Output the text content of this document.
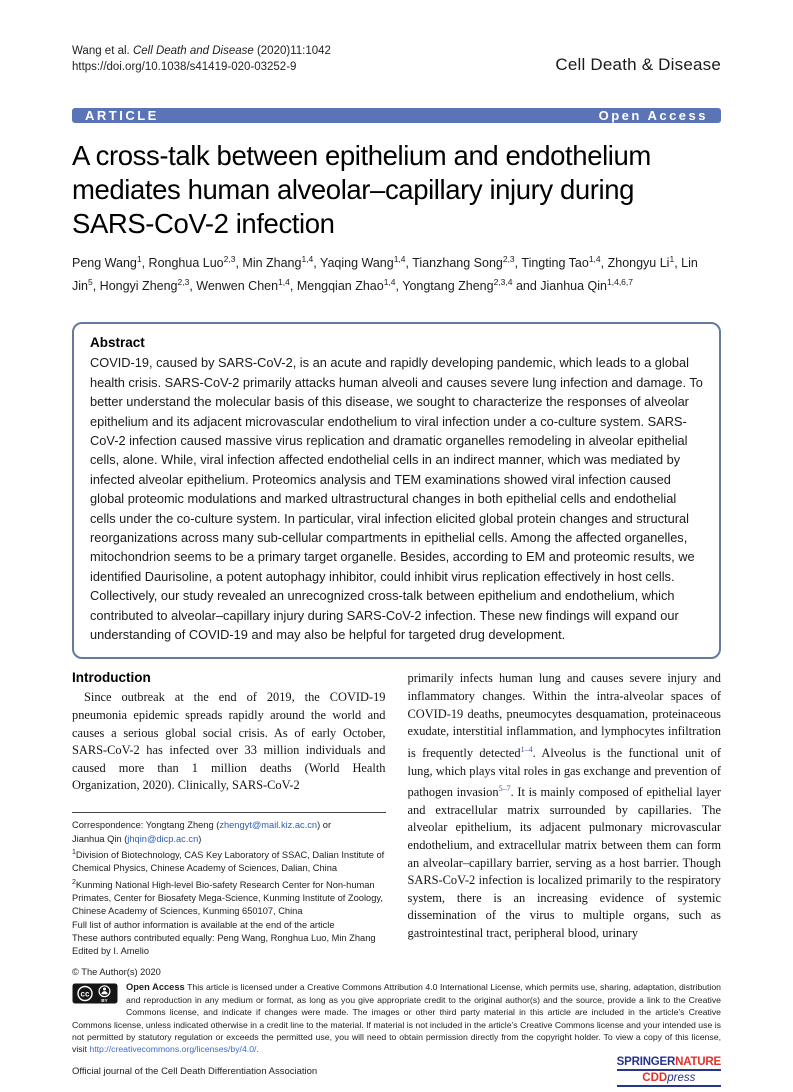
Wang et al. Cell Death and Disease (2020)11:1042
https://doi.org/10.1038/s41419-020-03252-9	Cell Death & Disease
ARTICLE	Open Access
A cross-talk between epithelium and endothelium mediates human alveolar–capillary injury during SARS-CoV-2 infection

Peng Wang$^1$, Ronghua Luo$^{2,3}$, Min Zhang$^{1,4}$, Yaqing Wang$^{1,4}$, Tianzhang Song$^{2,3}$, Tingting Tao$^{1,4}$, Zhongyu Li$^1$, Lin Jin$^5$, Hongyi Zheng$^{2,3}$, Wenwen Chen$^{1,4}$, Mengqian Zhao$^{1,4}$, Yongtang Zheng$^{2,3,4}$ and Jianhua Qin$^{1,4,6,7}$

Abstract

COVID-19, caused by SARS-CoV-2, is an acute and rapidly developing pandemic, which leads to a global health crisis. SARS-CoV-2 primarily attacks human alveoli and causes severe lung infection and damage. To better understand the molecular basis of this disease, we sought to characterize the responses of alveolar epithelium and its adjacent microvascular endothelium to viral infection under a co-culture system. SARS-CoV-2 infection caused massive virus replication and dramatic organelles remodeling in alveolar epithelial cells, alone. While, viral infection affected endothelial cells in an indirect manner, which was mediated by infected alveolar epithelium. Proteomics analysis and TEM examinations showed viral infection caused global proteomic modulations and marked ultrastructural changes in both epithelial cells and endothelial cells under the co-culture system. In particular, viral infection elicited global protein changes and structural reorganizations across many sub-cellular compartments in epithelial cells. Among the affected organelles, mitochondrion seems to be a primary target organelle. Besides, according to EM and proteomic results, we identified Daurisoline, a potent autophagy inhibitor, could inhibit virus replication effectively in host cells. Collectively, our study revealed an unrecognized cross-talk between epithelium and endothelium, which contributed to alveolar–capillary injury during SARS-CoV-2 infection. These new findings will expand our understanding of COVID-19 and may also be helpful for targeted drug development.

Introduction

Since outbreak at the end of 2019, the COVID-19 pneumonia epidemic spreads rapidly around the world and causes a serious global social crisis. As of early October, SARS-CoV-2 has infected over 33 million individuals and caused more than 1 million deaths (World Health Organization, 2020). Clinically, SARS-CoV-2

Correspondence: Yongtang Zheng (zhengyt@mail.kiz.ac.cn) or
Jianhua Qin (jhqin@dicp.ac.cn)
$^1$Division of Biotechnology, CAS Key Laboratory of SSAC, Dalian Institute of Chemical Physics, Chinese Academy of Sciences, Dalian, China
$^2$Kunming National High-level Bio-safety Research Center for Non-human Primates, Center for Biosafety Mega-Science, Kunming Institute of Zoology, Chinese Academy of Sciences, Kunming 650107, China
Full list of author information is available at the end of the article
These authors contributed equally: Peng Wang, Ronghua Luo, Min Zhang
Edited by I. Amelio

primarily infects human lung and causes severe injury and inflammatory changes. Within the intra-alveolar spaces of COVID-19 deaths, pneumocytes desquamation, proteinaceous exudate, interstitial inflammation, and lymphocytes infiltration is frequently detected$^{1-4}$. Alveolus is the functional unit of lung, which plays vital roles in gas exchange and prevention of pathogen invasion$^{5-7}$. It is mainly composed of epithelial layer and extracellular matrix surrounded by capillaries. The alveolar epithelium, its adjacent pulmonary microvascular endothelium, and extracellular matrix between them can form an alveolar–capillary barrier, serving as a host barrier. Though SARS-CoV-2 infection is localized primarily to the respiratory system, there is an increasing evidence of systemic dissemination of the virus to multiple organs, such as gastrointestinal tract, peripheral blood, urinary

© The Author(s) 2020
cc
BY
Open Access This article is licensed under a Creative Commons Attribution 4.0 International License, which permits use, sharing, adaptation, distribution and reproduction in any medium or format, as long as you give appropriate credit to the original author(s) and the source, provide a link to the Creative Commons license, and indicate if changes were made. The images or other third party material in this article are included in the article’s Creative Commons license, unless indicated otherwise in a credit line to the material. If material is not included in the article’s Creative Commons license and your intended use is not permitted by statutory regulation or exceeds the permitted use, you will need to obtain permission directly from the copyright holder. To view a copy of this license, visit http://creativecommons.org/licenses/by/4.0/.
Official journal of the Cell Death Differentiation Association
SPRINGERNATURE
CDDpress
